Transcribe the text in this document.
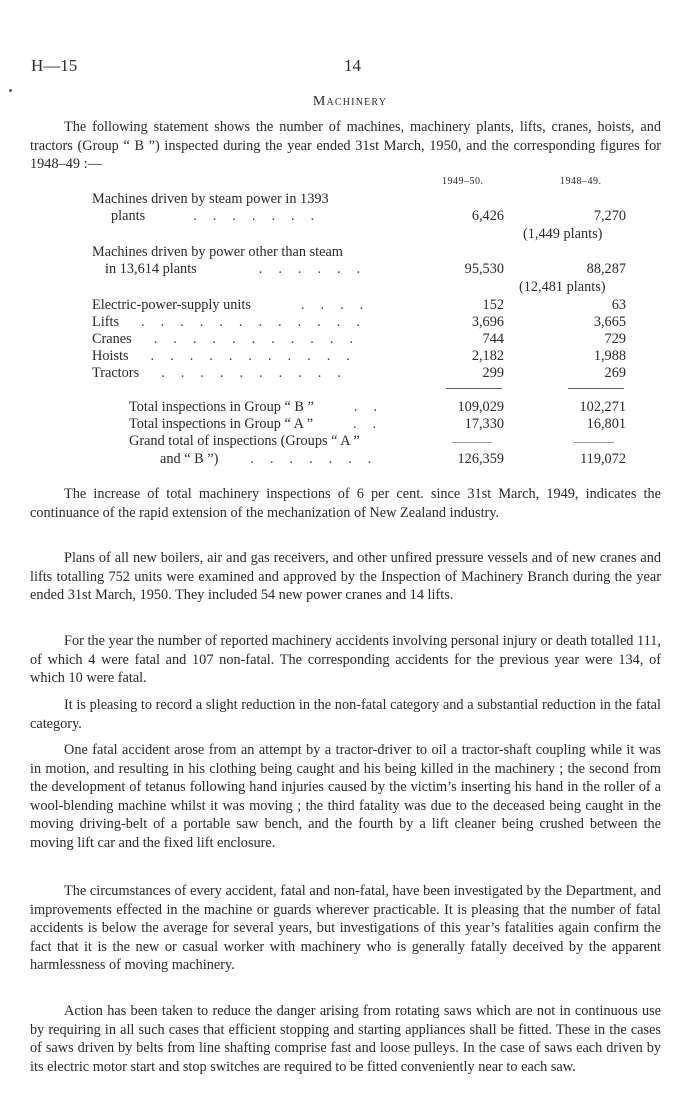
H—15	14
Machinery

The following statement shows the number of machines, machinery plants, lifts, cranes, hoists, and tractors (Group “ B ”) inspected during the year ended 31st March, 1950, and the corresponding figures for 1948–49 :—

1949–50.	1948–49.
Machines driven by steam power in 1393
plants	.......	6,426	7,270
(1,449 plants)
Machines driven by power other than steam
in 13,614 plants	......	95,530	88,287
(12,481 plants)
Electric-power-supply units	....	152	63
Lifts ............	3,696	3,665
Cranes ...........	744	729
Hoists ...........	2,182	1,988
Tractors ..........	299	269
Total inspections in Group “ B ”	..	109,029	102,271
Total inspections in Group “ A ”	..	17,330	16,801
Grand total of inspections (Groups “ A ”
and “ B ”) .......	126,359	119,072

The increase of total machinery inspections of 6 per cent. since 31st March, 1949, indicates the continuance of the rapid extension of the mechanization of New Zealand industry.

Plans of all new boilers, air and gas receivers, and other unfired pressure vessels and of new cranes and lifts totalling 752 units were examined and approved by the Inspection of Machinery Branch during the year ended 31st March, 1950. They included 54 new power cranes and 14 lifts.

For the year the number of reported machinery accidents involving personal injury or death totalled 111, of which 4 were fatal and 107 non-fatal. The corresponding accidents for the previous year were 134, of which 10 were fatal.

It is pleasing to record a slight reduction in the non-fatal category and a substantial reduction in the fatal category.

One fatal accident arose from an attempt by a tractor-driver to oil a tractor-shaft coupling while it was in motion, and resulting in his clothing being caught and his being killed in the machinery ; the second from the development of tetanus following hand injuries caused by the victim’s inserting his hand in the roller of a wool-blending machine whilst it was moving ; the third fatality was due to the deceased being caught in the moving driving-belt of a portable saw bench, and the fourth by a lift cleaner being crushed between the moving lift car and the fixed lift enclosure.

The circumstances of every accident, fatal and non-fatal, have been investigated by the Department, and improvements effected in the machine or guards wherever practicable. It is pleasing that the number of fatal accidents is below the average for several years, but investigations of this year’s fatalities again confirm the fact that it is the new or casual worker with machinery who is generally fatally deceived by the apparent harmlessness of moving machinery.

Action has been taken to reduce the danger arising from rotating saws which are not in continuous use by requiring in all such cases that efficient stopping and starting appliances shall be fitted. These in the cases of saws driven by belts from line shafting comprise fast and loose pulleys. In the case of saws each driven by its electric motor start and stop switches are required to be fitted conveniently near to each saw.
